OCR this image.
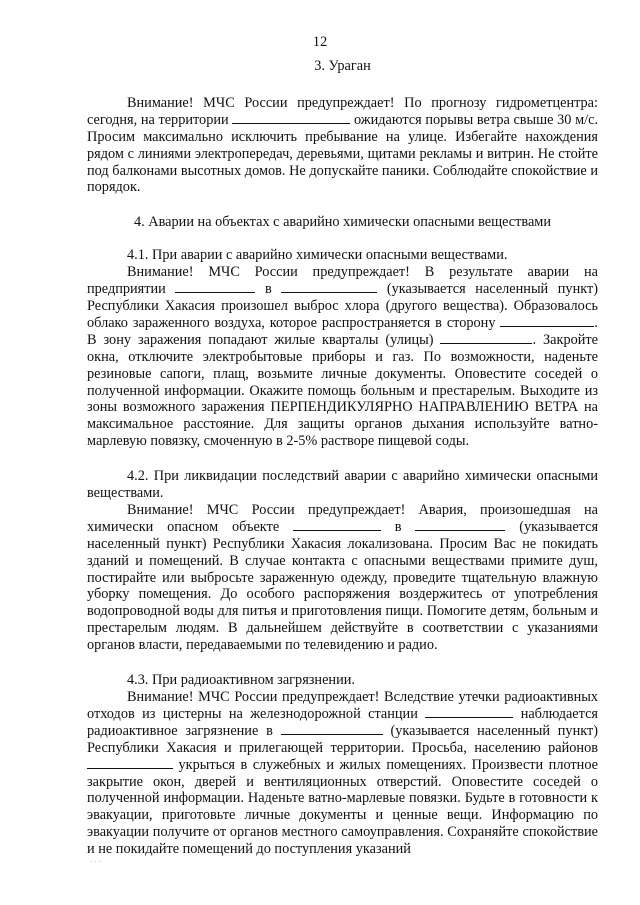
12

3. Ураган

Внимание! МЧС России предупреждает! По прогнозу гидрометцентра: сегодня, на территории	ожидаются порывы ветра свыше 30 м/с. Просим максимально исключить пребывание на улице. Избегайте нахождения рядом с линиями электропередач, деревьями, щитами рекламы и витрин. Не стойте под балконами высотных домов. Не допускайте паники. Соблюдайте спокойствие и порядок.

4. Аварии на объектах с аварийно химически опасными веществами

4.1. При аварии с аварийно химически опасными веществами.

Внимание! МЧС России предупреждает! В результате аварии на предприятии	в	(указывается населенный пункт) Республики Хакасия произошел выброс хлора (другого вещества). Образовалось облако зараженного воздуха, которое распространяется в сторону	. В зону заражения попадают жилые кварталы (улицы)	. Закройте окна, отключите электробытовые приборы и газ. По возможности, наденьте резиновые сапоги, плащ, возьмите личные документы. Оповестите соседей о полученной информации. Окажите помощь больным и престарелым. Выходите из зоны возможного заражения ПЕРПЕНДИКУЛЯРНО НАПРАВЛЕНИЮ ВЕТРА на максимальное расстояние. Для защиты органов дыхания используйте ватно-марлевую повязку, смоченную в 2-5% растворе пищевой соды.

4.2. При ликвидации последствий аварии с аварийно химически опасными веществами.

Внимание! МЧС России предупреждает! Авария, произошедшая на химически опасном объекте	в	(указывается населенный пункт) Республики Хакасия локализована. Просим Вас не покидать зданий и помещений. В случае контакта с опасными веществами примите душ, постирайте или выбросьте зараженную одежду, проведите тщательную влажную уборку помещения. До особого распоряжения воздержитесь от употребления водопроводной воды для питья и приготовления пищи. Помогите детям, больным и престарелым людям. В дальнейшем действуйте в соответствии с указаниями органов власти, передаваемыми по телевидению и радио.

4.3. При радиоактивном загрязнении.

Внимание! МЧС России предупреждает! Вследствие утечки радиоактивных отходов из цистерны на железнодорожной станции	наблюдается радиоактивное загрязнение в	(указывается населенный пункт) Республики Хакасия и прилегающей территории. Просьба, населению районов  укрыться в служебных и жилых помещениях. Произвести плотное закрытие окон, дверей и вентиляционных отверстий. Оповестите соседей о полученной информации. Наденьте ватно-марлевые повязки. Будьте в готовности к эвакуации, приготовьте личные документы и ценные вещи. Информацию по эвакуации получите от органов местного самоуправления. Сохраняйте спокойствие и не покидайте помещений до поступления указаний

· · ·
